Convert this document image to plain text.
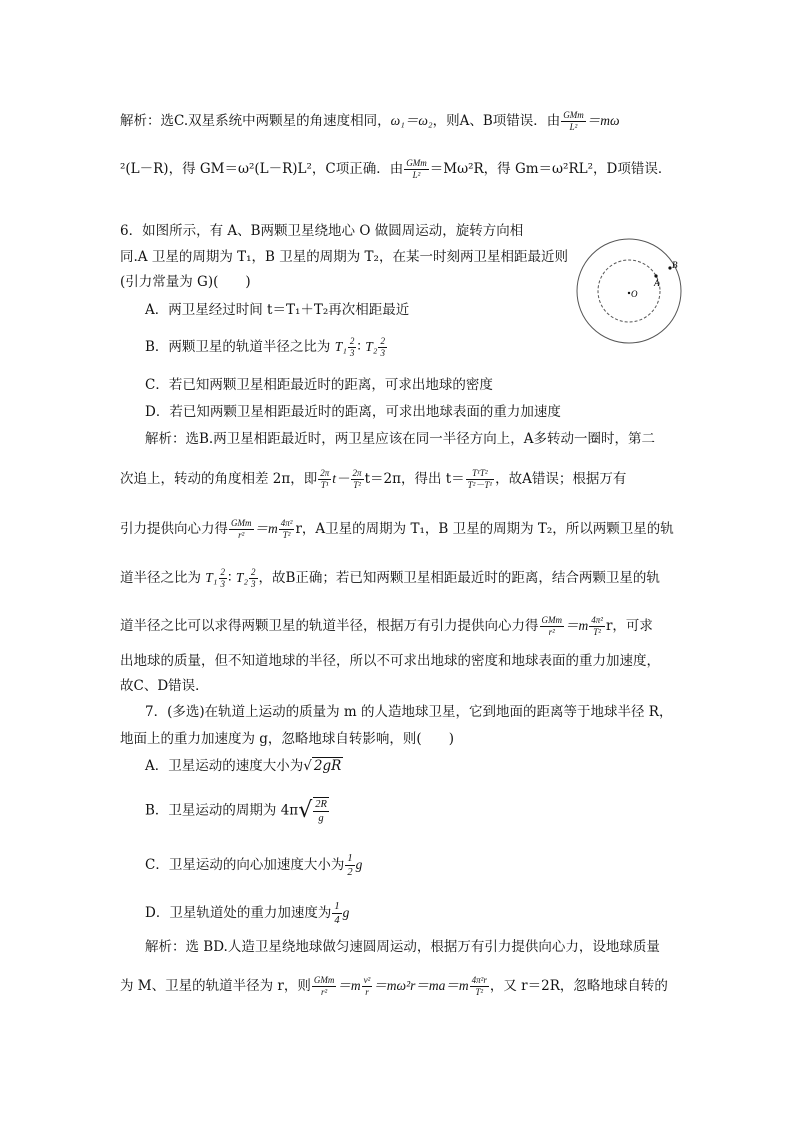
解析：选C.双星系统中两颗星的角速度相同，ω₁＝ω₂，则A、B项错误．由 $\frac{\text{GMm}}{\text{L²}} =m\omega$
²(L－R)，得 GM＝ω²(L－R)L²，C项正确．由 $\frac{\text{GMm}}{\text{L²}} =M\omega^2R$，得 Gm＝ω²RL²，D项错误．
6．如图所示，有 A、B两颗卫星绕地心 O 做圆周运动，旋转方向相
同.A 卫星的周期为 T₁，B 卫星的周期为 T₂，在某一时刻两卫星相距最近则
(引力常量为 G)(　　)
A．两卫星经过时间 t＝T₁＋T₂再次相距最近
B．两颗卫星的轨道半径之比为 $T_1 \frac{2}{3}$ ∶ $T_2 \frac{2}{3}$
C．若已知两颗卫星相距最近时的距离，可求出地球的密度
D．若已知两颗卫星相距最近时的距离，可求出地球表面的重力加速度
O
A
B
解析：选B.两卫星相距最近时，两卫星应该在同一半径方向上，A多转动一圈时，第二
次追上，转动的角度相差 2π，即 $\frac{2\pi}{\text{T¹}} t- \frac{2\pi}{\text{T²}} t=2\pi$，得出 $t= \frac{\text{T¹T²}}{\text{T²－T¹}}$ ，故A错误；根据万有
引力提供向心力得 $\frac{\text{GMm}}{\text{r²}} =m \frac{\text{4π²}}{\text{T²}}$ r，A卫星的周期为 T₁，B 卫星的周期为 T₂，所以两颗卫星的轨
道半径之比为 $T_1 \frac{2}{3}$ ∶ $T_2 \frac{2}{3}$ ，故B正确；若已知两颗卫星相距最近时的距离，结合两颗卫星的轨
道半径之比可以求得两颗卫星的轨道半径，根据万有引力提供向心力得 $\frac{\text{GMm}}{\text{r²}} =m \frac{\text{4π²}}{\text{T²}}$ r，可求
出地球的质量，但不知道地球的半径，所以不可求出地球的密度和地球表面的重力加速度，
故C、D错误．
7．(多选)在轨道上运动的质量为 m 的人造地球卫星，它到地面的距离等于地球半径 R，
地面上的重力加速度为 g，忽略地球自转影响，则(　　)
A．卫星运动的速度大小为√ 2gR
B．卫星运动的周期为 $4\pi√ \frac{2R}{g}$
C．卫星运动的向心加速度大小为 $\frac{1}{2}$ g
D．卫星轨道处的重力加速度为 $\frac{1}{4}$ g
解析：选 BD.人造卫星绕地球做匀速圆周运动，根据万有引力提供向心力，设地球质量
为 M、卫星的轨道半径为 r，则 $\frac{\text{GMm}}{\text{r²}} =m \frac{\text{v²}}{r} =m\omega^2r=ma=m \frac{\text{4π²r}}{\text{T²}}$ ，又 r＝2R，忽略地球自转的
